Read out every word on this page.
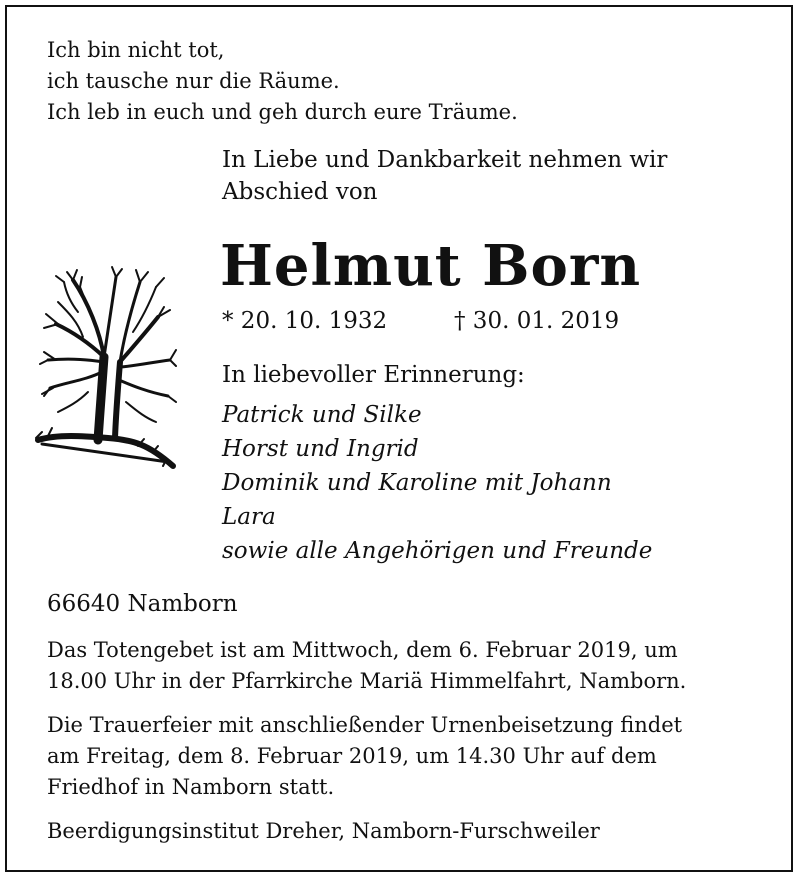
Ich bin nicht tot,
ich tausche nur die Räume.
Ich leb in euch und geh durch eure Träume.
In Liebe und Dankbarkeit nehmen wir
Abschied von
Helmut Born
* 20. 10. 1932	† 30. 01. 2019
In liebevoller Erinnerung:
Patrick und Silke
Horst und Ingrid
Dominik und Karoline mit Johann
Lara
sowie alle Angehörigen und Freunde
66640 Namborn
Das Totengebet ist am Mittwoch, dem 6. Februar 2019, um
18.00 Uhr in der Pfarrkirche Mariä Himmelfahrt, Namborn.
Die Trauerfeier mit anschließender Urnenbeisetzung findet
am Freitag, dem 8. Februar 2019, um 14.30 Uhr auf dem
Friedhof in Namborn statt.
Beerdigungsinstitut Dreher, Namborn-Furschweiler
